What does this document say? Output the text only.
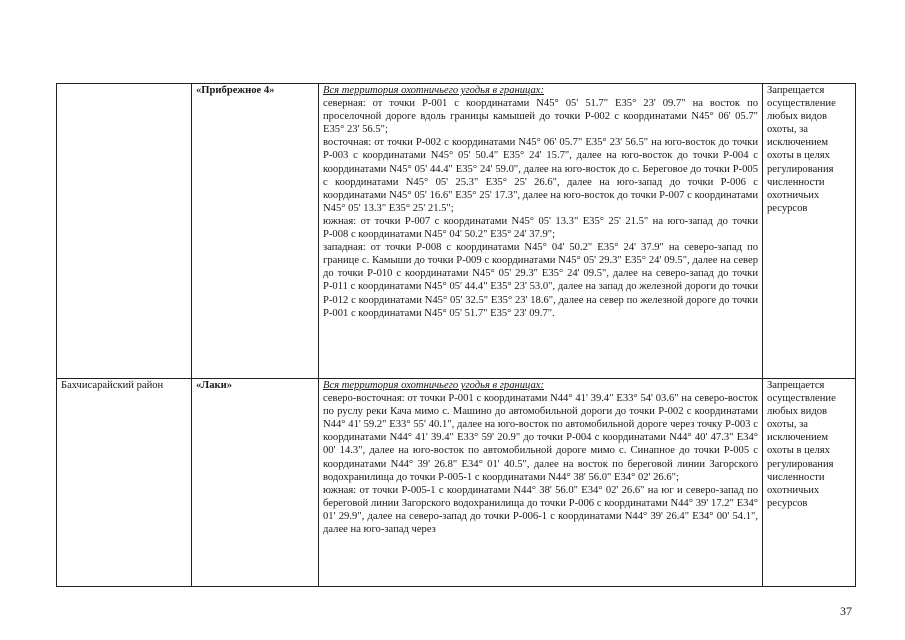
	«Прибрежное 4»	Вся территория охотничьего угодья в границах:
северная: от точки Р-001 с координатами N45° 05' 51.7" E35° 23' 09.7" на восток по проселочной дороге вдоль границы камышей до точки Р-002 с координатами N45° 06' 05.7" E35° 23' 56.5";
восточная: от точки Р-002 с координатами N45° 06' 05.7" E35° 23' 56.5" на юго-восток до точки Р-003 с координатами N45° 05' 50.4" E35° 24' 15.7", далее на юго-восток до точки Р-004 с координатами N45° 05' 44.4" E35° 24' 59.0", далее на юго-восток до с. Береговое до точки Р-005 с координатами N45° 05' 25.3" E35° 25' 26.6", далее на юго-запад до точки Р-006 с координатами N45° 05' 16.6" E35° 25' 17.3", далее на юго-восток до точки Р-007 с координатами N45° 05' 13.3" E35° 25' 21.5";
южная: от точки Р-007 с координатами N45° 05' 13.3" E35° 25' 21.5" на юго-запад до точки Р-008 с координатами N45° 04' 50.2" E35° 24' 37.9";
западная: от точки Р-008 с координатами N45° 04' 50.2" E35° 24' 37.9" на северо-запад по границе с. Камыши до точки Р-009 с координатами N45° 05' 29.3" E35° 24' 09.5", далее на север до точки Р-010 с координатами N45° 05' 29.3" E35° 24' 09.5", далее на северо-запад до точки Р-011 с координатами N45° 05' 44.4" E35° 23' 53.0", далее на запад до железной дороги до точки Р-012 с координатами N45° 05' 32.5" E35° 23' 18.6", далее на север по железной дороге до точки Р-001 с координатами N45° 05' 51.7" E35° 23' 09.7".	Запрещается осуществление любых видов охоты, за исключением охоты в целях регулирования численности охотничьих ресурсов
Бахчисарайский район	«Лаки»	Вся территория охотничьего угодья в границах:
северо-восточная: от точки Р-001 с координатами N44° 41' 39.4" E33° 54' 03.6" на северо-восток по руслу реки Кача мимо с. Машино до автомобильной дороги до точки Р-002 с координатами N44° 41' 59.2" E33° 55' 40.1", далее на юго-восток по автомобильной дороге через точку Р-003 с координатами N44° 41' 39.4" E33° 59' 20.9" до точки Р-004 с координатами N44° 40' 47.3" E34° 00' 14.3", далее на юго-восток по автомобильной дороге мимо с. Синапное до точки Р-005 с координатами N44° 39' 26.8" E34° 01' 40.5", далее на восток по береговой линии Загорского водохранилища до точки Р-005-1 с координатами N44° 38' 56.0" E34° 02' 26.6";
южная: от точки Р-005-1 с координатами N44° 38' 56.0" E34° 02' 26.6" на юг и северо-запад по береговой линии Загорского водохранилища до точки Р-006 с координатами N44° 39' 17.2" E34° 01' 29.9", далее на северо-запад до точки Р-006-1 с координатами N44° 39' 26.4" E34° 00' 54.1", далее на юго-запад через	Запрещается осуществление любых видов охоты, за исключением охоты в целях регулирования численности охотничьих ресурсов
37
